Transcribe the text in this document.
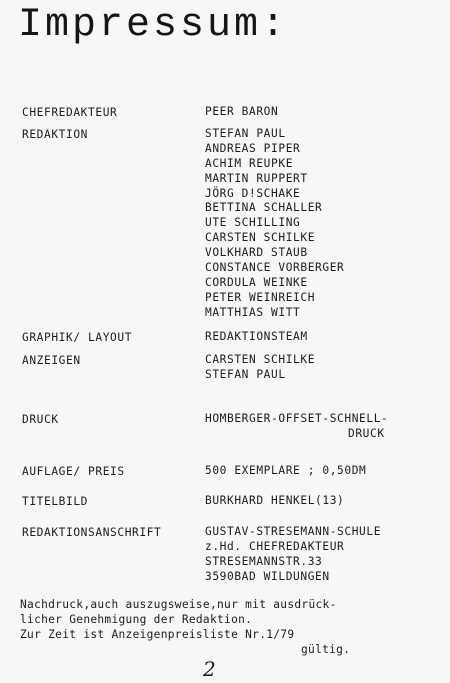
Impressum:
CHEFREDAKTEUR	PEER BARON
REDAKTION	STEFAN PAUL
ANDREAS PIPER
ACHIM REUPKE
MARTIN RUPPERT
JÖRG D!SCHAKE
BETTINA SCHALLER
UTE SCHILLING
CARSTEN SCHILKE
VOLKHARD STAUB
CONSTANCE VORBERGER
CORDULA WEINKE
PETER WEINREICH
MATTHIAS WITT
GRAPHIK/ LAYOUT	REDAKTIONSTEAM
ANZEIGEN	CARSTEN SCHILKE
STEFAN PAUL
DRUCK	HOMBERGER-OFFSET-SCHNELL-
DRUCK
AUFLAGE/ PREIS	500 EXEMPLARE ; 0,50DM
TITELBILD	BURKHARD HENKEL(13)
REDAKTIONSANSCHRIFT	GUSTAV-STRESEMANN-SCHULE
z.Hd. CHEFREDAKTEUR
STRESEMANNSTR.33
3590BAD WILDUNGEN
Nachdruck,auch auszugsweise,nur mit ausdrück-
licher Genehmigung der Redaktion.
Zur Zeit ist Anzeigenpreisliste Nr.1/79
gültig.
2
